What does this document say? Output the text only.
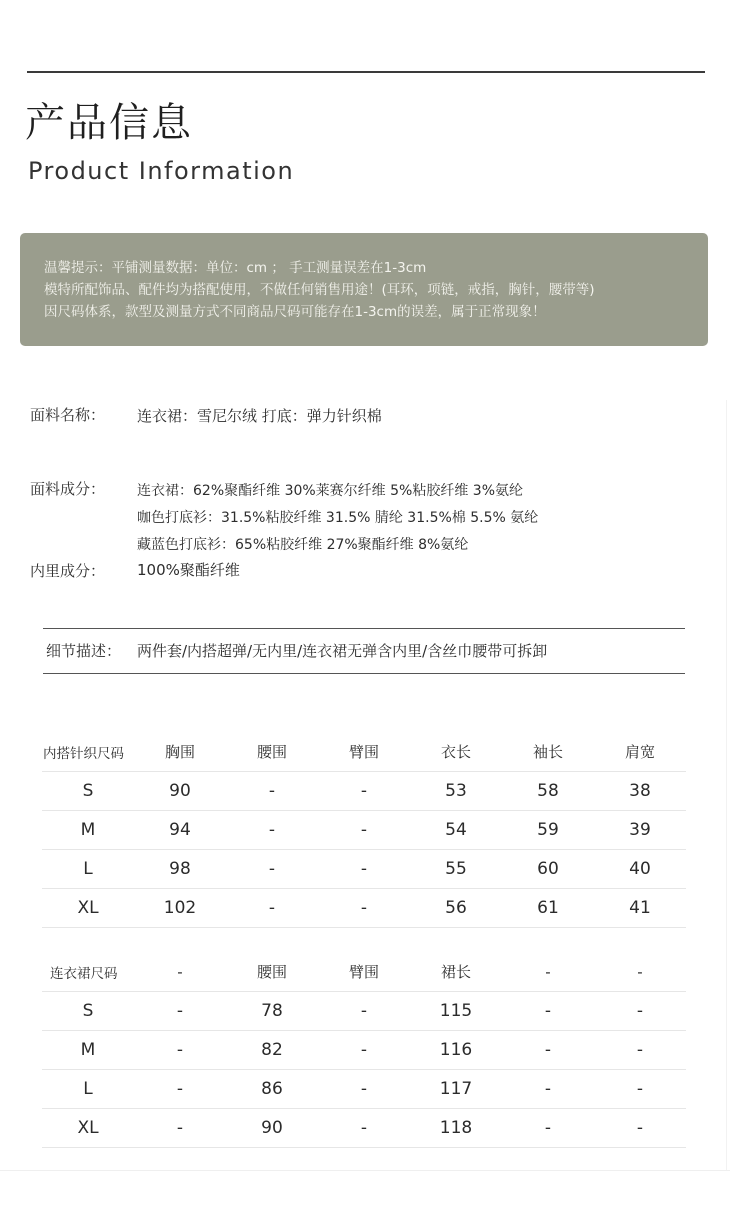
产品信息
Product Information
温馨提示：平铺测量数据：单位：cm ； 手工测量误差在1-3cm
模特所配饰品、配件均为搭配使用，不做任何销售用途！(耳环，项链，戒指，胸针，腰带等)
因尺码体系，款型及测量方式不同商品尺码可能存在1-3cm的误差，属于正常现象！
面料名称： 连衣裙：雪尼尔绒 打底：弹力针织棉
面料成分： 连衣裙：62%聚酯纤维 30%莱赛尔纤维 5%粘胶纤维 3%氨纶
咖色打底衫：31.5%粘胶纤维 31.5% 腈纶 31.5%棉 5.5% 氨纶
藏蓝色打底衫：65%粘胶纤维 27%聚酯纤维 8%氨纶
内里成分： 100%聚酯纤维
细节描述： 两件套/内搭超弹/无内里/连衣裙无弹含内里/含丝巾腰带可拆卸
内搭针织尺码	胸围	腰围	臂围	衣长	袖长	肩宽
S	90	-	-	53	58	38
M	94	-	-	54	59	39
L	98	-	-	55	60	40
XL	102	-	-	56	61	41
连衣裙尺码	-	腰围	臂围	裙长	-	-
S	-	78	-	115	-	-
M	-	82	-	116	-	-
L	-	86	-	117	-	-
XL	-	90	-	118	-	-
